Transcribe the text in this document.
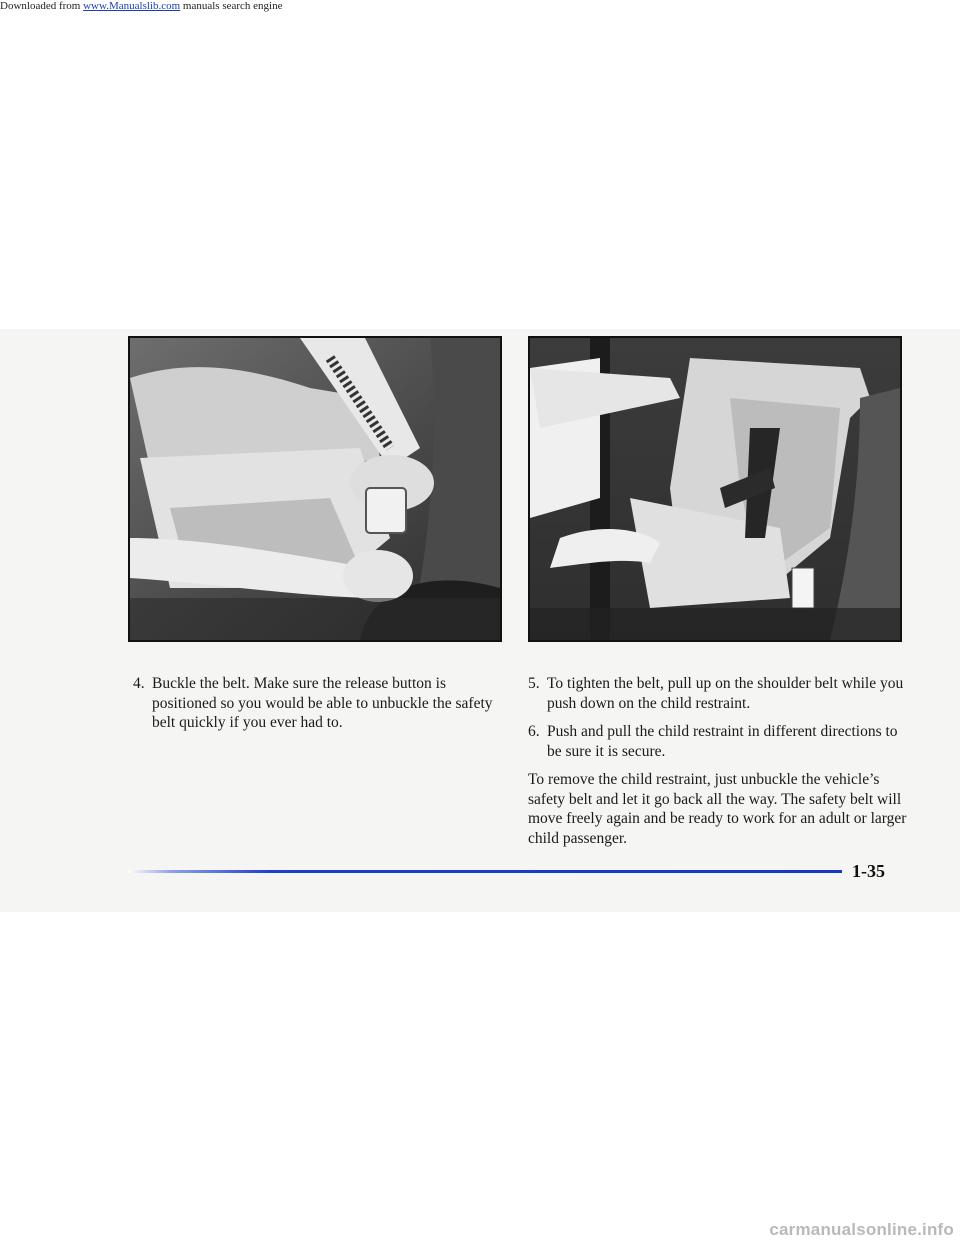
Downloaded from www.Manualslib.com manuals search engine
4. Buckle the belt. Make sure the release button is positioned so you would be able to unbuckle the safety belt quickly if you ever had to.
5. To tighten the belt, pull up on the shoulder belt while you push down on the child restraint.
6. Push and pull the child restraint in different directions to be sure it is secure.

To remove the child restraint, just unbuckle the vehicle’s safety belt and let it go back all the way. The safety belt will move freely again and be ready to work for an adult or larger child passenger.

1-35
carmanualsonline.info
